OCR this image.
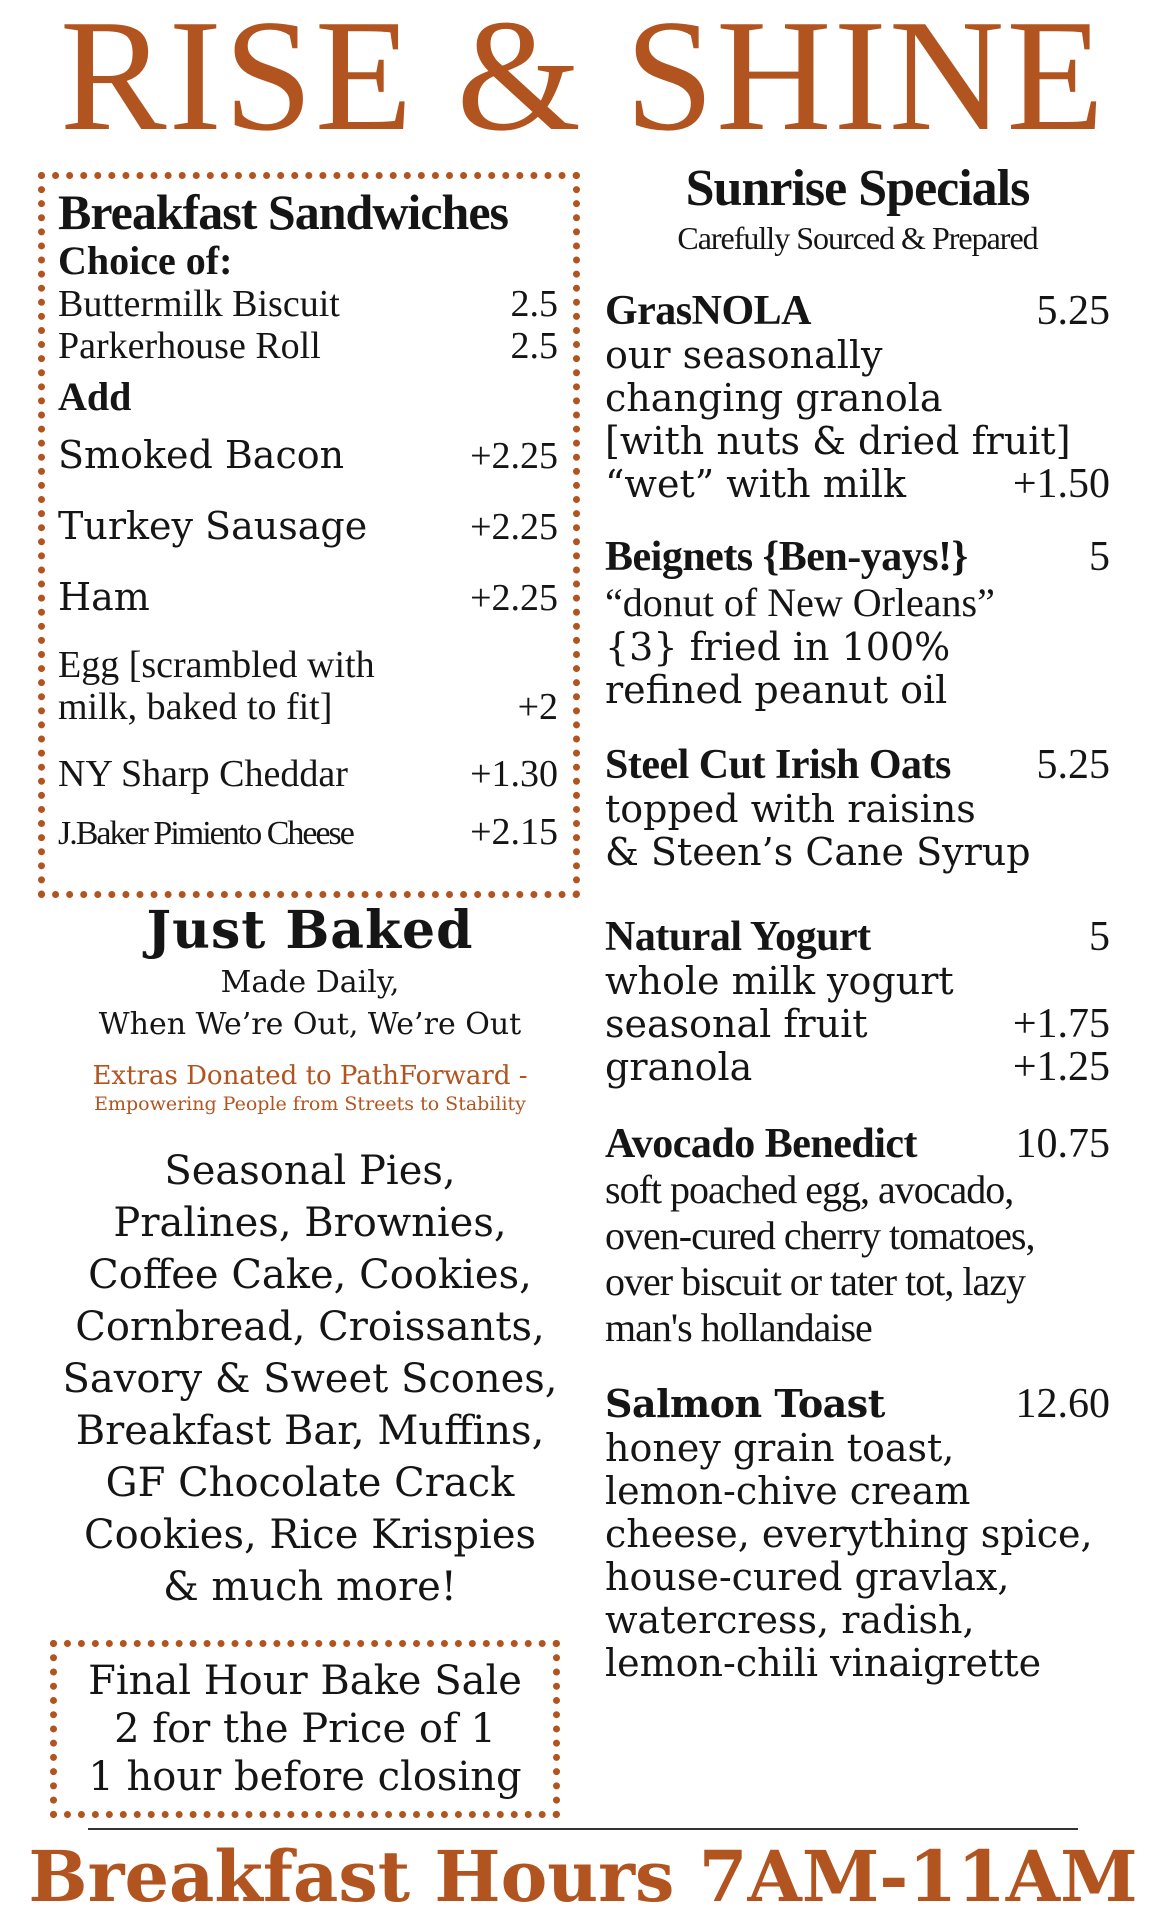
RISE & SHINE
Breakfast Sandwiches
Choice of:
Buttermilk Biscuit	2.5
Parkerhouse Roll	2.5
Add
Smoked Bacon	+2.25
Turkey Sausage	+2.25
Ham	+2.25
Egg [scrambled with
milk, baked to fit]	+2
NY Sharp Cheddar	+1.30
J.Baker Pimiento Cheese	+2.15
Sunrise Specials
Carefully Sourced & Prepared
GrasNOLA	5.25
our seasonally
changing granola
[with nuts & dried fruit]
“wet” with milk	+1.50
Beignets {Ben-yays!}	5
“donut of New Orleans”
{3} fried in 100%
refined peanut oil
Steel Cut Irish Oats 5.25
topped with raisins
& Steen’s Cane Syrup
Natural Yogurt	5
whole milk yogurt
seasonal fruit	+1.75
granola	+1.25
Avocado Benedict 10.75
soft poached egg, avocado,
oven-cured cherry tomatoes,
over biscuit or tater tot, lazy
man's hollandaise
Salmon Toast	12.60
honey grain toast,
lemon-chive cream
cheese, everything spice,
house-cured gravlax,
watercress, radish,
lemon-chili vinaigrette
Just Baked
Made Daily,
When We’re Out, We’re Out
Extras Donated to PathForward -
Empowering People from Streets to Stability
Seasonal Pies,
Pralines, Brownies,
Coffee Cake, Cookies,
Cornbread, Croissants,
Savory & Sweet Scones,
Breakfast Bar, Muffins,
GF Chocolate Crack
Cookies, Rice Krispies
& much more!
Final Hour Bake Sale
2 for the Price of 1
1 hour before closing
Breakfast Hours 7AM-11AM
